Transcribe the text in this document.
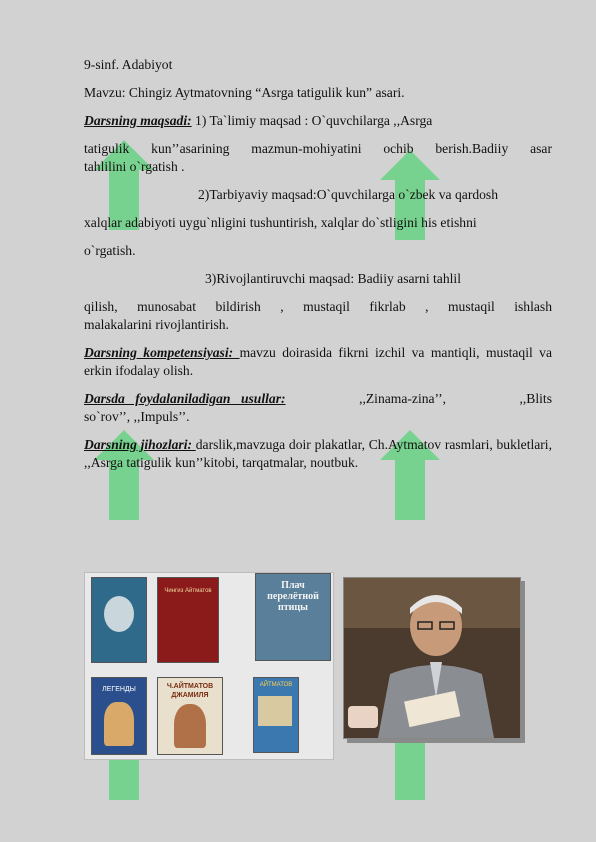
9-sinf. Adabiyot

Mavzu: Chingiz Aytmatovning “Asrga tatigulik kun” asari.

Darsning maqsadi: 1) Ta`limiy maqsad : O`quvchilarga ,,Asrga

tatigulik kun’’asarining mazmun-mohiyatini ochib berish.Badiiy asar

tahlilini o`rgatish .

2)Tarbiyaviy maqsad:O`quvchilarga o`zbek va qardosh

xalqlar adabiyoti uygu`nligini tushuntirish, xalqlar do`stligini his etishni

o`rgatish.

3)Rivojlantiruvchi maqsad: Badiiy asarni tahlil

qilish, munosabat bildirish , mustaqil fikrlab , mustaqil ishlash

malakalarini rivojlantirish.

Darsning kompetensiyasi: mavzu doirasida fikrni izchil va mantiqli, mustaqil va erkin ifodalay olish.

Darsda foydalaniladigan usullar:       ,,Zinama-zina’’,       ,,Blits

so`rov’’, ,,Impuls’’.

Darsning jihozlari: darslik,mavzuga doir plakatlar, Ch.Aytmatov rasmlari, bukletlari, ,,Asrga tatigulik kun’’kitobi, tarqatmalar, noutbuk.

Чингиз Айтматов	Плач перелётной птицы
ЛЕГЕНДЫ	Ч.АЙТМАТОВ ДЖАМИЛЯ
АЙТМАТОВ
